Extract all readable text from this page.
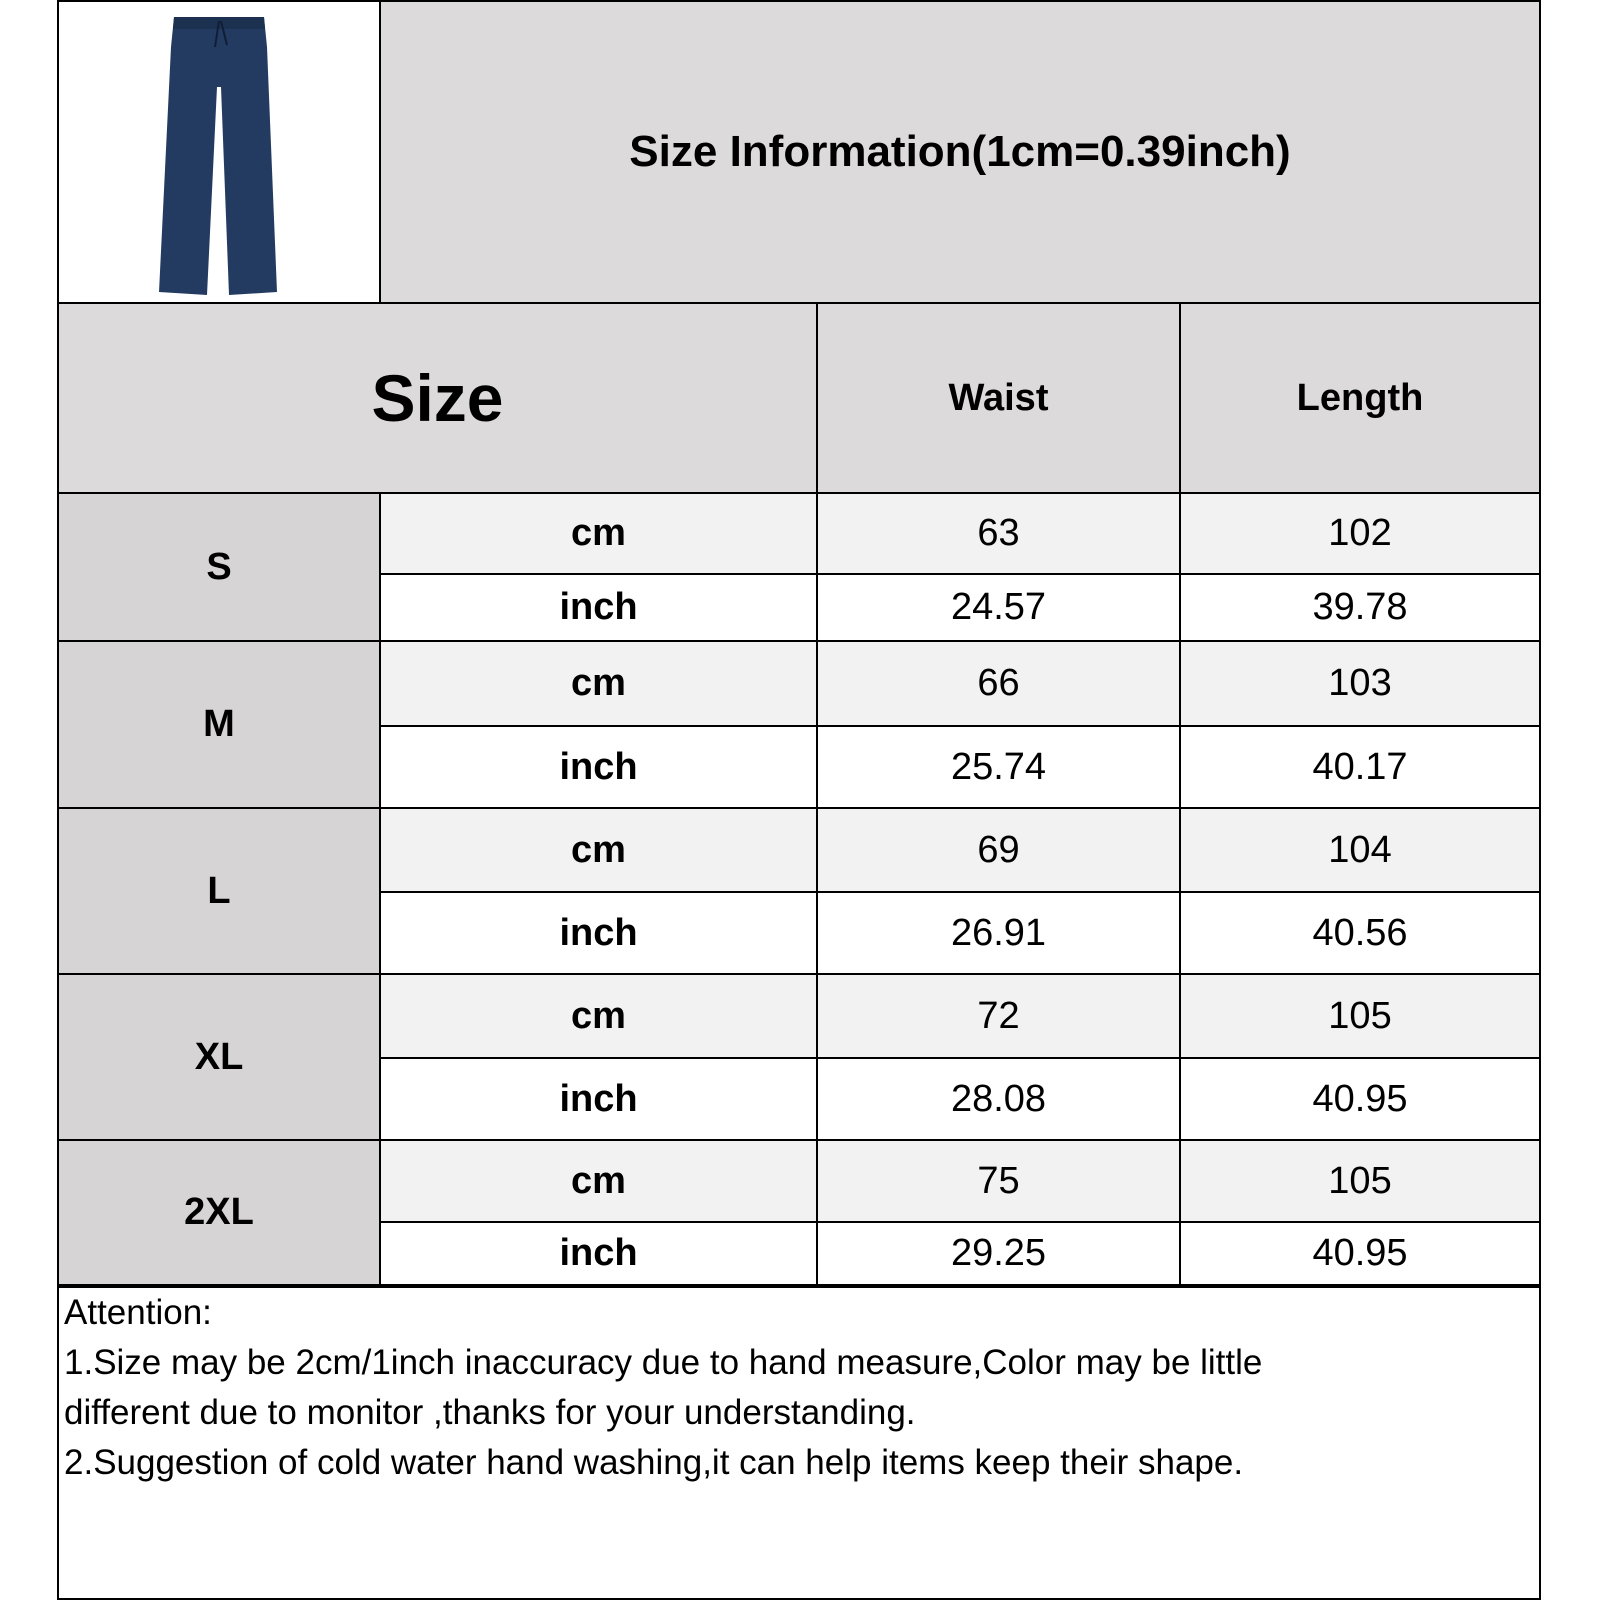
Size Information(1cm=0.39inch)
Size	Waist	Length
S
cm	63	102
inch	24.57	39.78
M
cm	66	103
inch	25.74	40.17
L
cm	69	104
inch	26.91	40.56
XL
cm	72	105
inch	28.08	40.95
2XL
cm	75	105
inch	29.25	40.95
Attention:
1.Size may be 2cm/1inch inaccuracy due to hand measure,Color may be little
different due to monitor ,thanks for your understanding.
2.Suggestion of cold water hand washing,it can help items keep their shape.
